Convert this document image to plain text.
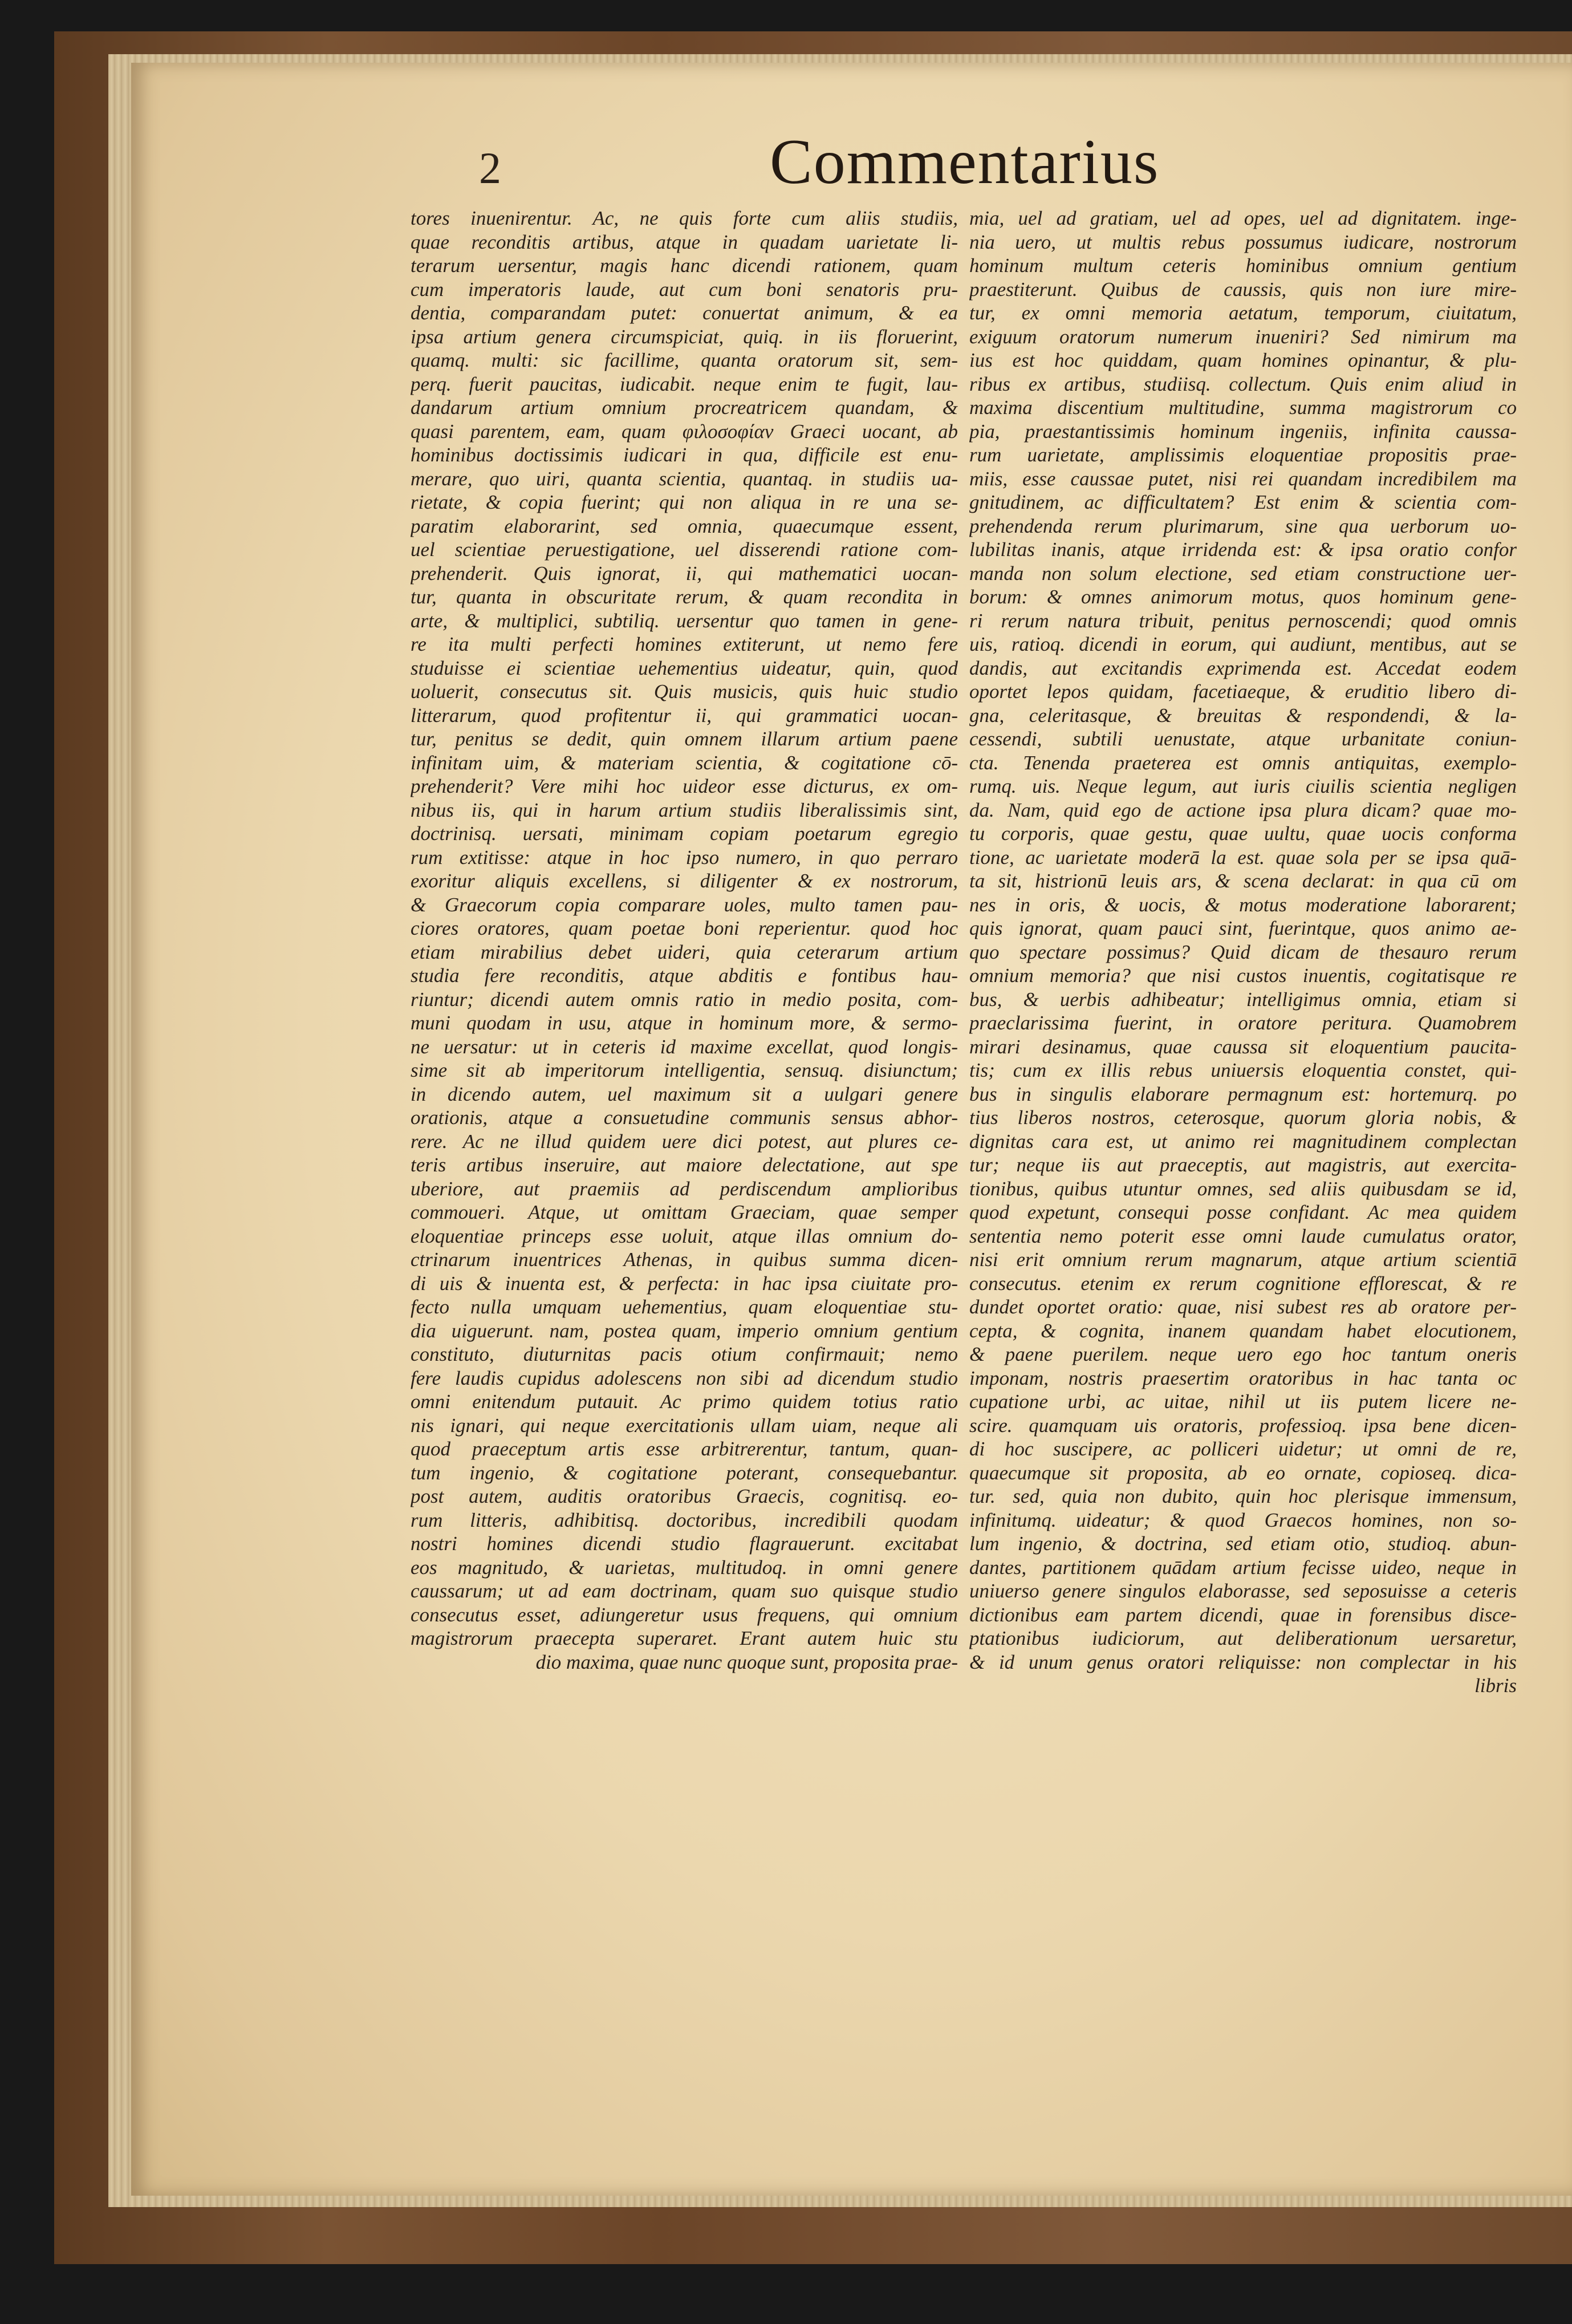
2	Commentarius
tores inuenirentur. Ac, ne quis forte cum aliis studiis,
quae reconditis artibus, atque in quadam uarietate li-
terarum uersentur, magis hanc dicendi rationem, quam
cum imperatoris laude, aut cum boni senatoris pru-
dentia, comparandam putet: conuertat animum, & ea
ipsa artium genera circumspiciat, quiq. in iis floruerint,
quamq. multi: sic facillime, quanta oratorum sit, sem-
perq. fuerit paucitas, iudicabit. neque enim te fugit, lau-
dandarum artium omnium procreatricem quandam, &
quasi parentem, eam, quam φιλοσοφίαν Graeci uocant, ab
hominibus doctissimis iudicari in qua, difficile est enu-
merare, quo uiri, quanta scientia, quantaq. in studiis ua-
rietate, & copia fuerint; qui non aliqua in re una se-
paratim elaborarint, sed omnia, quaecumque essent,
uel scientiae peruestigatione, uel disserendi ratione com-
prehenderit. Quis ignorat, ii, qui mathematici uocan-
tur, quanta in obscuritate rerum, & quam recondita in
arte, & multiplici, subtiliq. uersentur quo tamen in gene-
re ita multi perfecti homines extiterunt, ut nemo fere
studuisse ei scientiae uehementius uideatur, quin, quod
uoluerit, consecutus sit. Quis musicis, quis huic studio
litterarum, quod profitentur ii, qui grammatici uocan-
tur, penitus se dedit, quin omnem illarum artium paene
infinitam uim, & materiam scientia, & cogitatione cō-
prehenderit? Vere mihi hoc uideor esse dicturus, ex om-
nibus iis, qui in harum artium studiis liberalissimis sint,
doctrinisq. uersati, minimam copiam poetarum egregio
rum extitisse: atque in hoc ipso numero, in quo perraro
exoritur aliquis excellens, si diligenter & ex nostrorum,
& Graecorum copia comparare uoles, multo tamen pau-
ciores oratores, quam poetae boni reperientur. quod hoc
etiam mirabilius debet uideri, quia ceterarum artium
studia fere reconditis, atque abditis e fontibus hau-
riuntur; dicendi autem omnis ratio in medio posita, com-
muni quodam in usu, atque in hominum more, & sermo-
ne uersatur: ut in ceteris id maxime excellat, quod longis-
sime sit ab imperitorum intelligentia, sensuq. disiunctum;
in dicendo autem, uel maximum sit a uulgari genere
orationis, atque a consuetudine communis sensus abhor-
rere. Ac ne illud quidem uere dici potest, aut plures ce-
teris artibus inseruire, aut maiore delectatione, aut spe
uberiore, aut praemiis ad perdiscendum amplioribus
commoueri. Atque, ut omittam Graeciam, quae semper
eloquentiae princeps esse uoluit, atque illas omnium do-
ctrinarum inuentrices Athenas, in quibus summa dicen-
di uis & inuenta est, & perfecta: in hac ipsa ciuitate pro-
fecto nulla umquam uehementius, quam eloquentiae stu-
dia uiguerunt. nam, postea quam, imperio omnium gentium
constituto, diuturnitas pacis otium confirmauit; nemo
fere laudis cupidus adolescens non sibi ad dicendum studio
omni enitendum putauit. Ac primo quidem totius ratio
nis ignari, qui neque exercitationis ullam uiam, neque ali
quod praeceptum artis esse arbitrerentur, tantum, quan-
tum ingenio, & cogitatione poterant, consequebantur.
post autem, auditis oratoribus Graecis, cognitisq. eo-
rum litteris, adhibitisq. doctoribus, incredibili quodam
nostri homines dicendi studio flagrauerunt. excitabat
eos magnitudo, & uarietas, multitudoq. in omni genere
caussarum; ut ad eam doctrinam, quam suo quisque studio
consecutus esset, adiungeretur usus frequens, qui omnium
magistrorum praecepta superaret. Erant autem huic stu
dio maxima, quae nunc quoque sunt, proposita prae-
mia, uel ad gratiam, uel ad opes, uel ad dignitatem. inge-
nia uero, ut multis rebus possumus iudicare, nostrorum
hominum multum ceteris hominibus omnium gentium
praestiterunt. Quibus de caussis, quis non iure mire-
tur, ex omni memoria aetatum, temporum, ciuitatum,
exiguum oratorum numerum inueniri? Sed nimirum ma
ius est hoc quiddam, quam homines opinantur, & plu-
ribus ex artibus, studiisq. collectum. Quis enim aliud in
maxima discentium multitudine, summa magistrorum co
pia, praestantissimis hominum ingeniis, infinita caussa-
rum uarietate, amplissimis eloquentiae propositis prae-
miis, esse caussae putet, nisi rei quandam incredibilem ma
gnitudinem, ac difficultatem? Est enim & scientia com-
prehendenda rerum plurimarum, sine qua uerborum uo-
lubilitas inanis, atque irridenda est: & ipsa oratio confor
manda non solum electione, sed etiam constructione uer-
borum: & omnes animorum motus, quos hominum gene-
ri rerum natura tribuit, penitus pernoscendi; quod omnis
uis, ratioq. dicendi in eorum, qui audiunt, mentibus, aut se
dandis, aut excitandis exprimenda est. Accedat eodem
oportet lepos quidam, facetiaeque, & eruditio libero di-
gna, celeritasque, & breuitas & respondendi, & la-
cessendi, subtili uenustate, atque urbanitate coniun-
cta. Tenenda praeterea est omnis antiquitas, exemplo-
rumq. uis. Neque legum, aut iuris ciuilis scientia negligen
da. Nam, quid ego de actione ipsa plura dicam? quae mo-
tu corporis, quae gestu, quae uultu, quae uocis conforma
tione, ac uarietate moderā la est. quae sola per se ipsa quā-
ta sit, histrionū leuis ars, & scena declarat: in qua cū om
nes in oris, & uocis, & motus moderatione laborarent;
quis ignorat, quam pauci sint, fuerintque, quos animo ae-
quo spectare possimus? Quid dicam de thesauro rerum
omnium memoria? que nisi custos inuentis, cogitatisque re
bus, & uerbis adhibeatur; intelligimus omnia, etiam si
praeclarissima fuerint, in oratore peritura. Quamobrem
mirari desinamus, quae caussa sit eloquentium paucita-
tis; cum ex illis rebus uniuersis eloquentia constet, qui-
bus in singulis elaborare permagnum est: hortemurq. po
tius liberos nostros, ceterosque, quorum gloria nobis, &
dignitas cara est, ut animo rei magnitudinem complectan
tur; neque iis aut praeceptis, aut magistris, aut exercita-
tionibus, quibus utuntur omnes, sed aliis quibusdam se id,
quod expetunt, consequi posse confidant. Ac mea quidem
sententia nemo poterit esse omni laude cumulatus orator,
nisi erit omnium rerum magnarum, atque artium scientiā
consecutus. etenim ex rerum cognitione efflorescat, & re
dundet oportet oratio: quae, nisi subest res ab oratore per-
cepta, & cognita, inanem quandam habet elocutionem,
& paene puerilem. neque uero ego hoc tantum oneris
imponam, nostris praesertim oratoribus in hac tanta oc
cupatione urbi, ac uitae, nihil ut iis putem licere ne-
scire. quamquam uis oratoris, professioq. ipsa bene dicen-
di hoc suscipere, ac polliceri uidetur; ut omni de re,
quaecumque sit proposita, ab eo ornate, copioseq. dica-
tur. sed, quia non dubito, quin hoc plerisque immensum,
infinitumq. uideatur; & quod Graecos homines, non so-
lum ingenio, & doctrina, sed etiam otio, studioq. abun-
dantes, partitionem quādam artium fecisse uideo, neque in
uniuerso genere singulos elaborasse, sed seposuisse a ceteris
dictionibus eam partem dicendi, quae in forensibus disce-
ptationibus iudiciorum, aut deliberationum uersaretur,
& id unum genus oratori reliquisse: non complectar in his
libris
